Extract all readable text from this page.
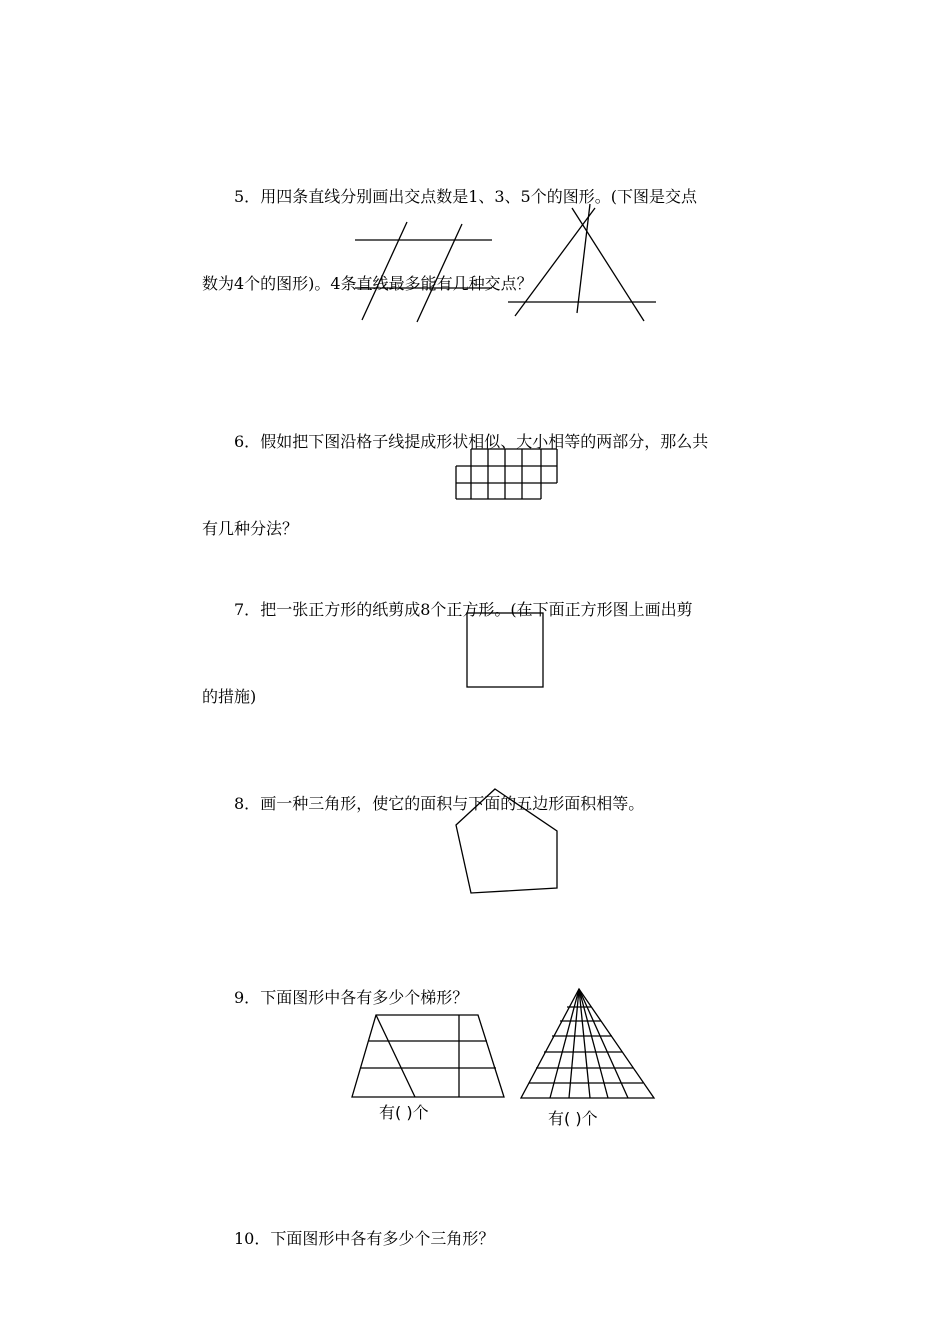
5．用四条直线分别画出交点数是1、3、5个的图形。(下图是交点

数为4个的图形)。4条直线最多能有几种交点？

6．假如把下图沿格子线提成形状相似、大小相等的两部分，那么共

有几种分法？

7．把一张正方形的纸剪成8个正方形。(在下面正方形图上画出剪

的措施)

8．画一种三角形，使它的面积与下面的五边形面积相等。

9．下面图形中各有多少个梯形？

有( )个	有( )个

10．下面图形中各有多少个三角形？
